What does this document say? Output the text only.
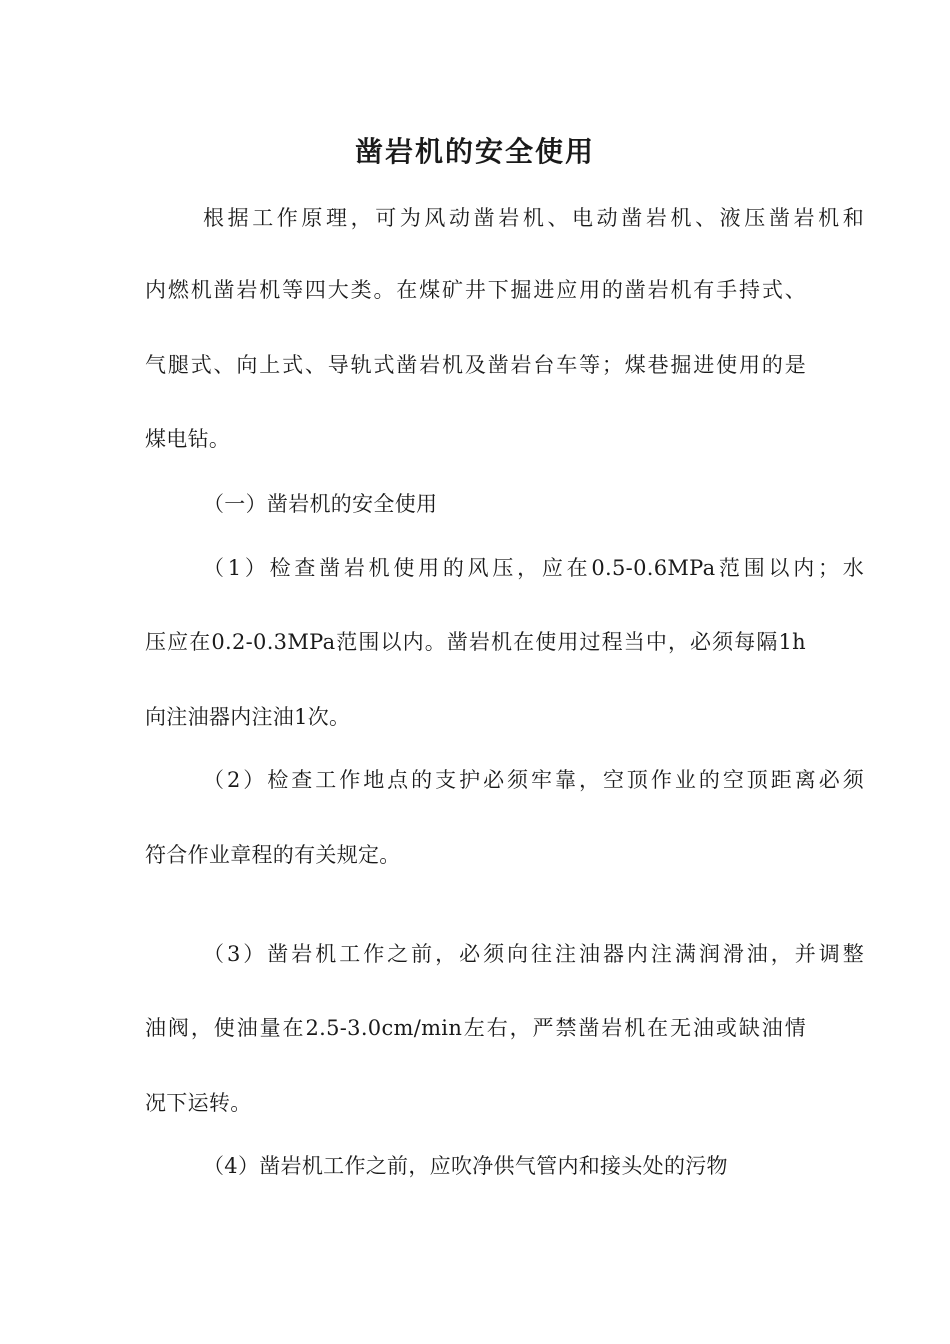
凿岩机的安全使用
根据工作原理，可为风动凿岩机、电动凿岩机、液压凿岩机和
内燃机凿岩机等四大类。在煤矿井下掘进应用的凿岩机有手持式、
气腿式、向上式、导轨式凿岩机及凿岩台车等；煤巷掘进使用的是
煤电钻。
（一）凿岩机的安全使用
（1）检查凿岩机使用的风压，应在0.5-0.6MPa范围以内；水
压应在0.2-0.3MPa范围以内。凿岩机在使用过程当中，必须每隔1h
向注油器内注油1次。
（2）检查工作地点的支护必须牢靠，空顶作业的空顶距离必须
符合作业章程的有关规定。
（3）凿岩机工作之前，必须向往注油器内注满润滑油，并调整
油阀，使油量在2.5-3.0cm/min左右，严禁凿岩机在无油或缺油情
况下运转。
（4）凿岩机工作之前，应吹净供气管内和接头处的污物
